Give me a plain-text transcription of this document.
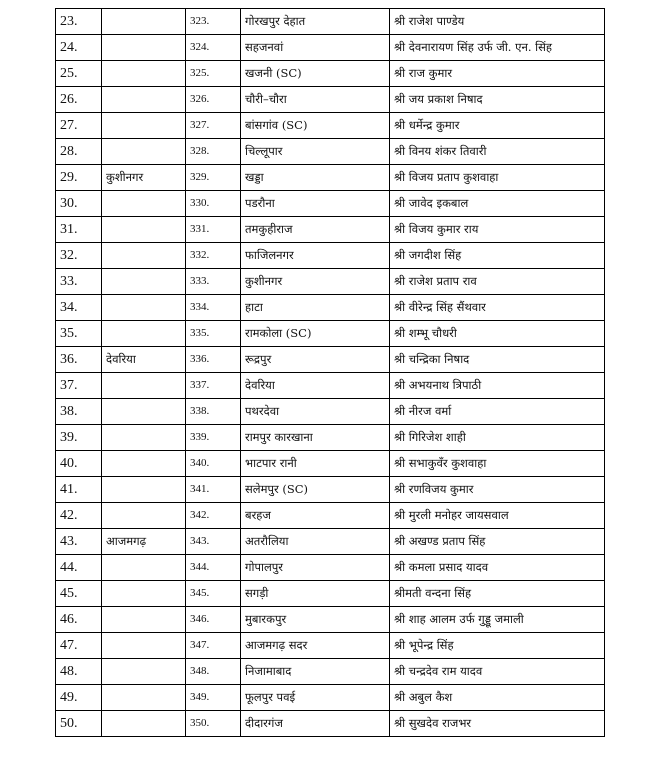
23.		323.	गोरखपुर देहात	श्री राजेश पाण्डेय
24.		324.	सहजनवां	श्री देवनारायण सिंह उर्फ जी. एन. सिंह
25.		325.	खजनी (SC)	श्री राज कुमार
26.		326.	चौरी–चौरा	श्री जय प्रकाश निषाद
27.		327.	बांसगांव (SC)	श्री धर्मेन्द्र कुमार
28.		328.	चिल्लूपार	श्री विनय शंकर तिवारी
29.	कुशीनगर	329.	खड्डा	श्री विजय प्रताप कुशवाहा
30.		330.	पडरौना	श्री जावेद इकबाल
31.		331.	तमकुहीराज	श्री विजय कुमार राय
32.		332.	फाजिलनगर	श्री जगदीश सिंह
33.		333.	कुशीनगर	श्री राजेश प्रताप राव
34.		334.	हाटा	श्री वीरेन्द्र सिंह सैंथवार
35.		335.	रामकोला (SC)	श्री शम्भू चौधरी
36.	देवरिया	336.	रूद्रपुर	श्री चन्द्रिका निषाद
37.		337.	देवरिया	श्री अभयनाथ त्रिपाठी
38.		338.	पथरदेवा	श्री नीरज वर्मा
39.		339.	रामपुर कारखाना	श्री गिरिजेश शाही
40.		340.	भाटपार रानी	श्री सभाकुवँर कुशवाहा
41.		341.	सलेमपुर (SC)	श्री रणविजय कुमार
42.		342.	बरहज	श्री मुरली मनोहर जायसवाल
43.	आजमगढ़	343.	अतरौलिया	श्री अखण्ड प्रताप सिंह
44.		344.	गोपालपुर	श्री कमला प्रसाद यादव
45.		345.	सगड़ी	श्रीमती वन्दना सिंह
46.		346.	मुबारकपुर	श्री शाह आलम उर्फ गुड्डू जमाली
47.		347.	आजमगढ़ सदर	श्री भूपेन्द्र सिंह
48.		348.	निजामाबाद	श्री चन्द्रदेव राम यादव
49.		349.	फूलपुर पवई	श्री अबुल कैश
50.		350.	दीदारगंज	श्री सुखदेव राजभर
